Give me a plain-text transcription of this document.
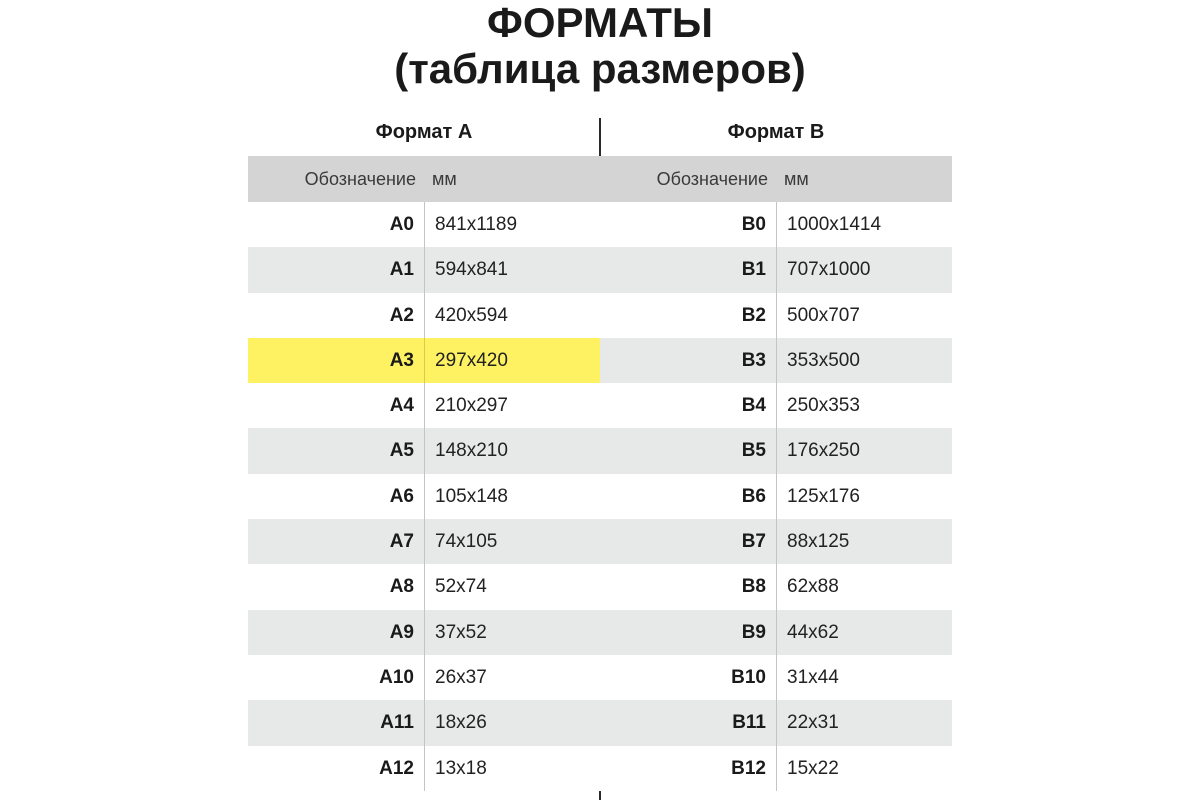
ФОРМАТЫ
(таблица размеров)
Формат А
Обозначение мм
A0	841x1189
A1	594x841
A2	420x594
A3	297x420
A4	210x297
A5	148x210
A6	105x148
A7	74x105
A8	52x74
A9	37x52
A10	26x37
A11	18x26
A12	13x18
Формат В
Обозначение мм
B0	1000x1414
B1	707x1000
B2	500x707
B3	353x500
B4	250x353
B5	176x250
B6	125x176
B7	88x125
B8	62x88
B9	44x62
B10	31x44
B11	22x31
B12	15x22
